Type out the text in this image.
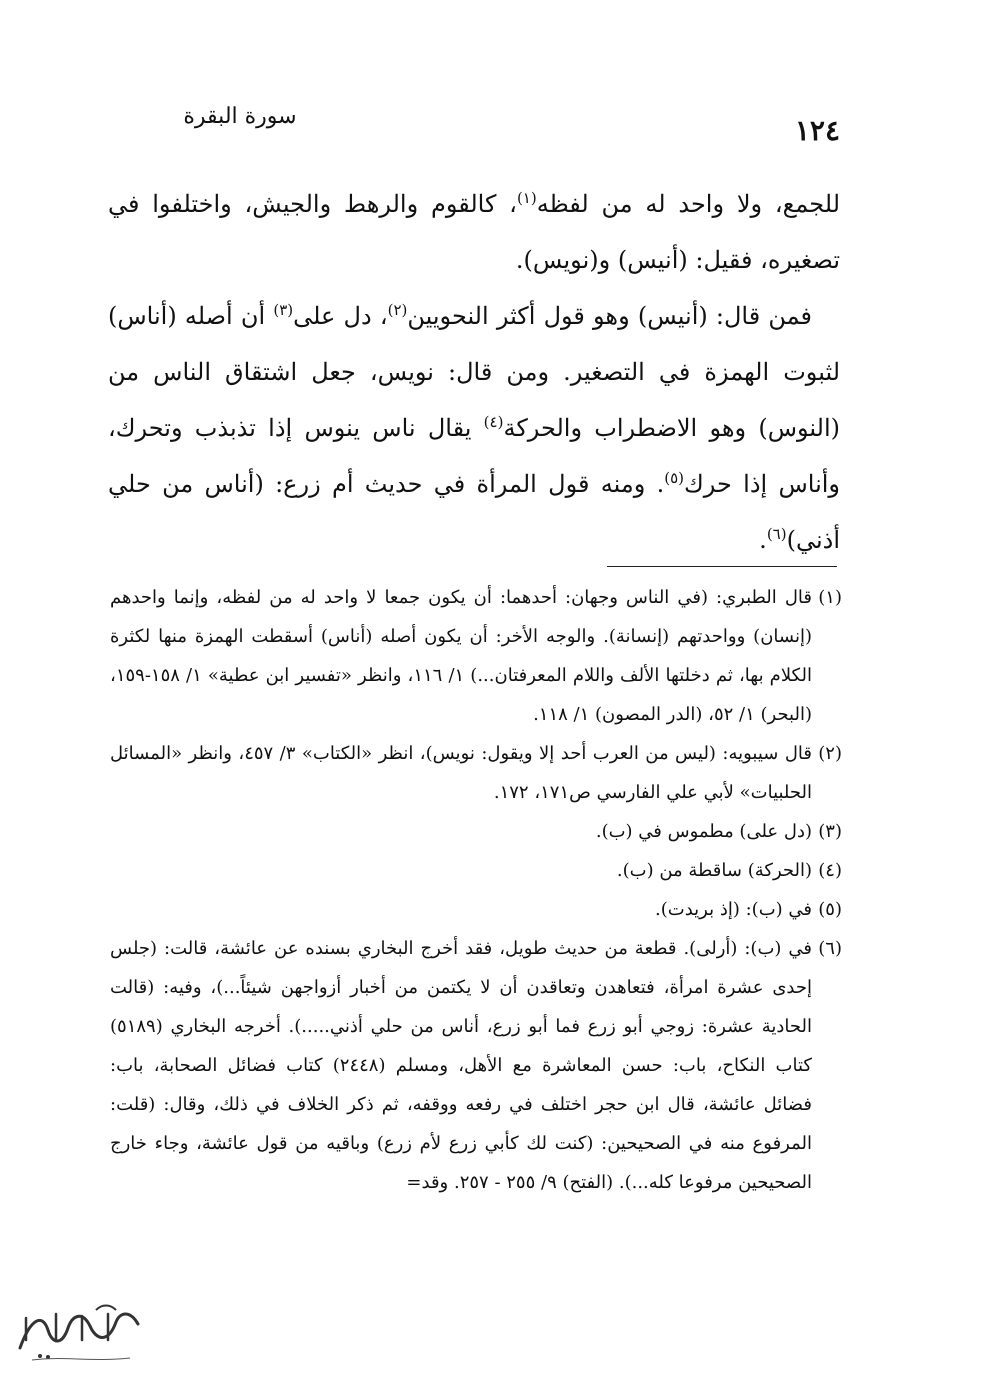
سورة البقرة	١٢٤

للجمع، ولا واحد له من لفظه$^{(١)}$، كالقوم والرهط والجيش، واختلفوا في تصغيره، فقيل: (أنيس) و(نويس).

فمن قال: (أنيس) وهو قول أكثر النحويين$^{(٢)}$، دل على$^{(٣)}$ أن أصله (أناس) لثبوت الهمزة في التصغير. ومن قال: نويس، جعل اشتقاق الناس من (النوس) وهو الاضطراب والحركة$^{(٤)}$ يقال ناس ينوس إذا تذبذب وتحرك، وأناس إذا حرك$^{(٥)}$. ومنه قول المرأة في حديث أم زرع: (أناس من حلي أذني)$^{(٦)}$.

(١)قال الطبري: (في الناس وجهان: أحدهما: أن يكون جمعا لا واحد له من لفظه، وإنما واحدهم (إنسان) وواحدتهم (إنسانة). والوجه الأخر: أن يكون أصله (أناس) أسقطت الهمزة منها لكثرة الكلام بها، ثم دخلتها الألف واللام المعرفتان...) ١/ ١١٦، وانظر «تفسير ابن عطية» ١/ ١٥٨-١٥٩، (البحر) ١/ ٥٢، (الدر المصون) ١/ ١١٨.
(٢)قال سيبويه: (ليس من العرب أحد إلا ويقول: نويس)، انظر «الكتاب» ٣/ ٤٥٧، وانظر «المسائل الحلبيات» لأبي علي الفارسي ص١٧١، ١٧٢.
(٣)(دل على) مطموس في (ب).
(٤)(الحركة) ساقطة من (ب).
(٥)في (ب): (إذ بريدت).
(٦)في (ب): (أرلى). قطعة من حديث طويل، فقد أخرج البخاري بسنده عن عائشة، قالت: (جلس إحدى عشرة امرأة، فتعاهدن وتعاقدن أن لا يكتمن من أخبار أزواجهن شيئاً...)، وفيه: (قالت الحادية عشرة: زوجي أبو زرع فما أبو زرع، أناس من حلي أذني.....). أخرجه البخاري (٥١٨٩) كتاب النكاح، باب: حسن المعاشرة مع الأهل، ومسلم (٢٤٤٨) كتاب فضائل الصحابة، باب: فضائل عائشة، قال ابن حجر اختلف في رفعه ووقفه، ثم ذكر الخلاف في ذلك، وقال: (قلت: المرفوع منه في الصحيحين: (كنت لك كأبي زرع لأم زرع) وباقيه من قول عائشة، وجاء خارج الصحيحين مرفوعا كله...). (الفتح) ٩/ ٢٥٥ - ٢٥٧. وقد=
